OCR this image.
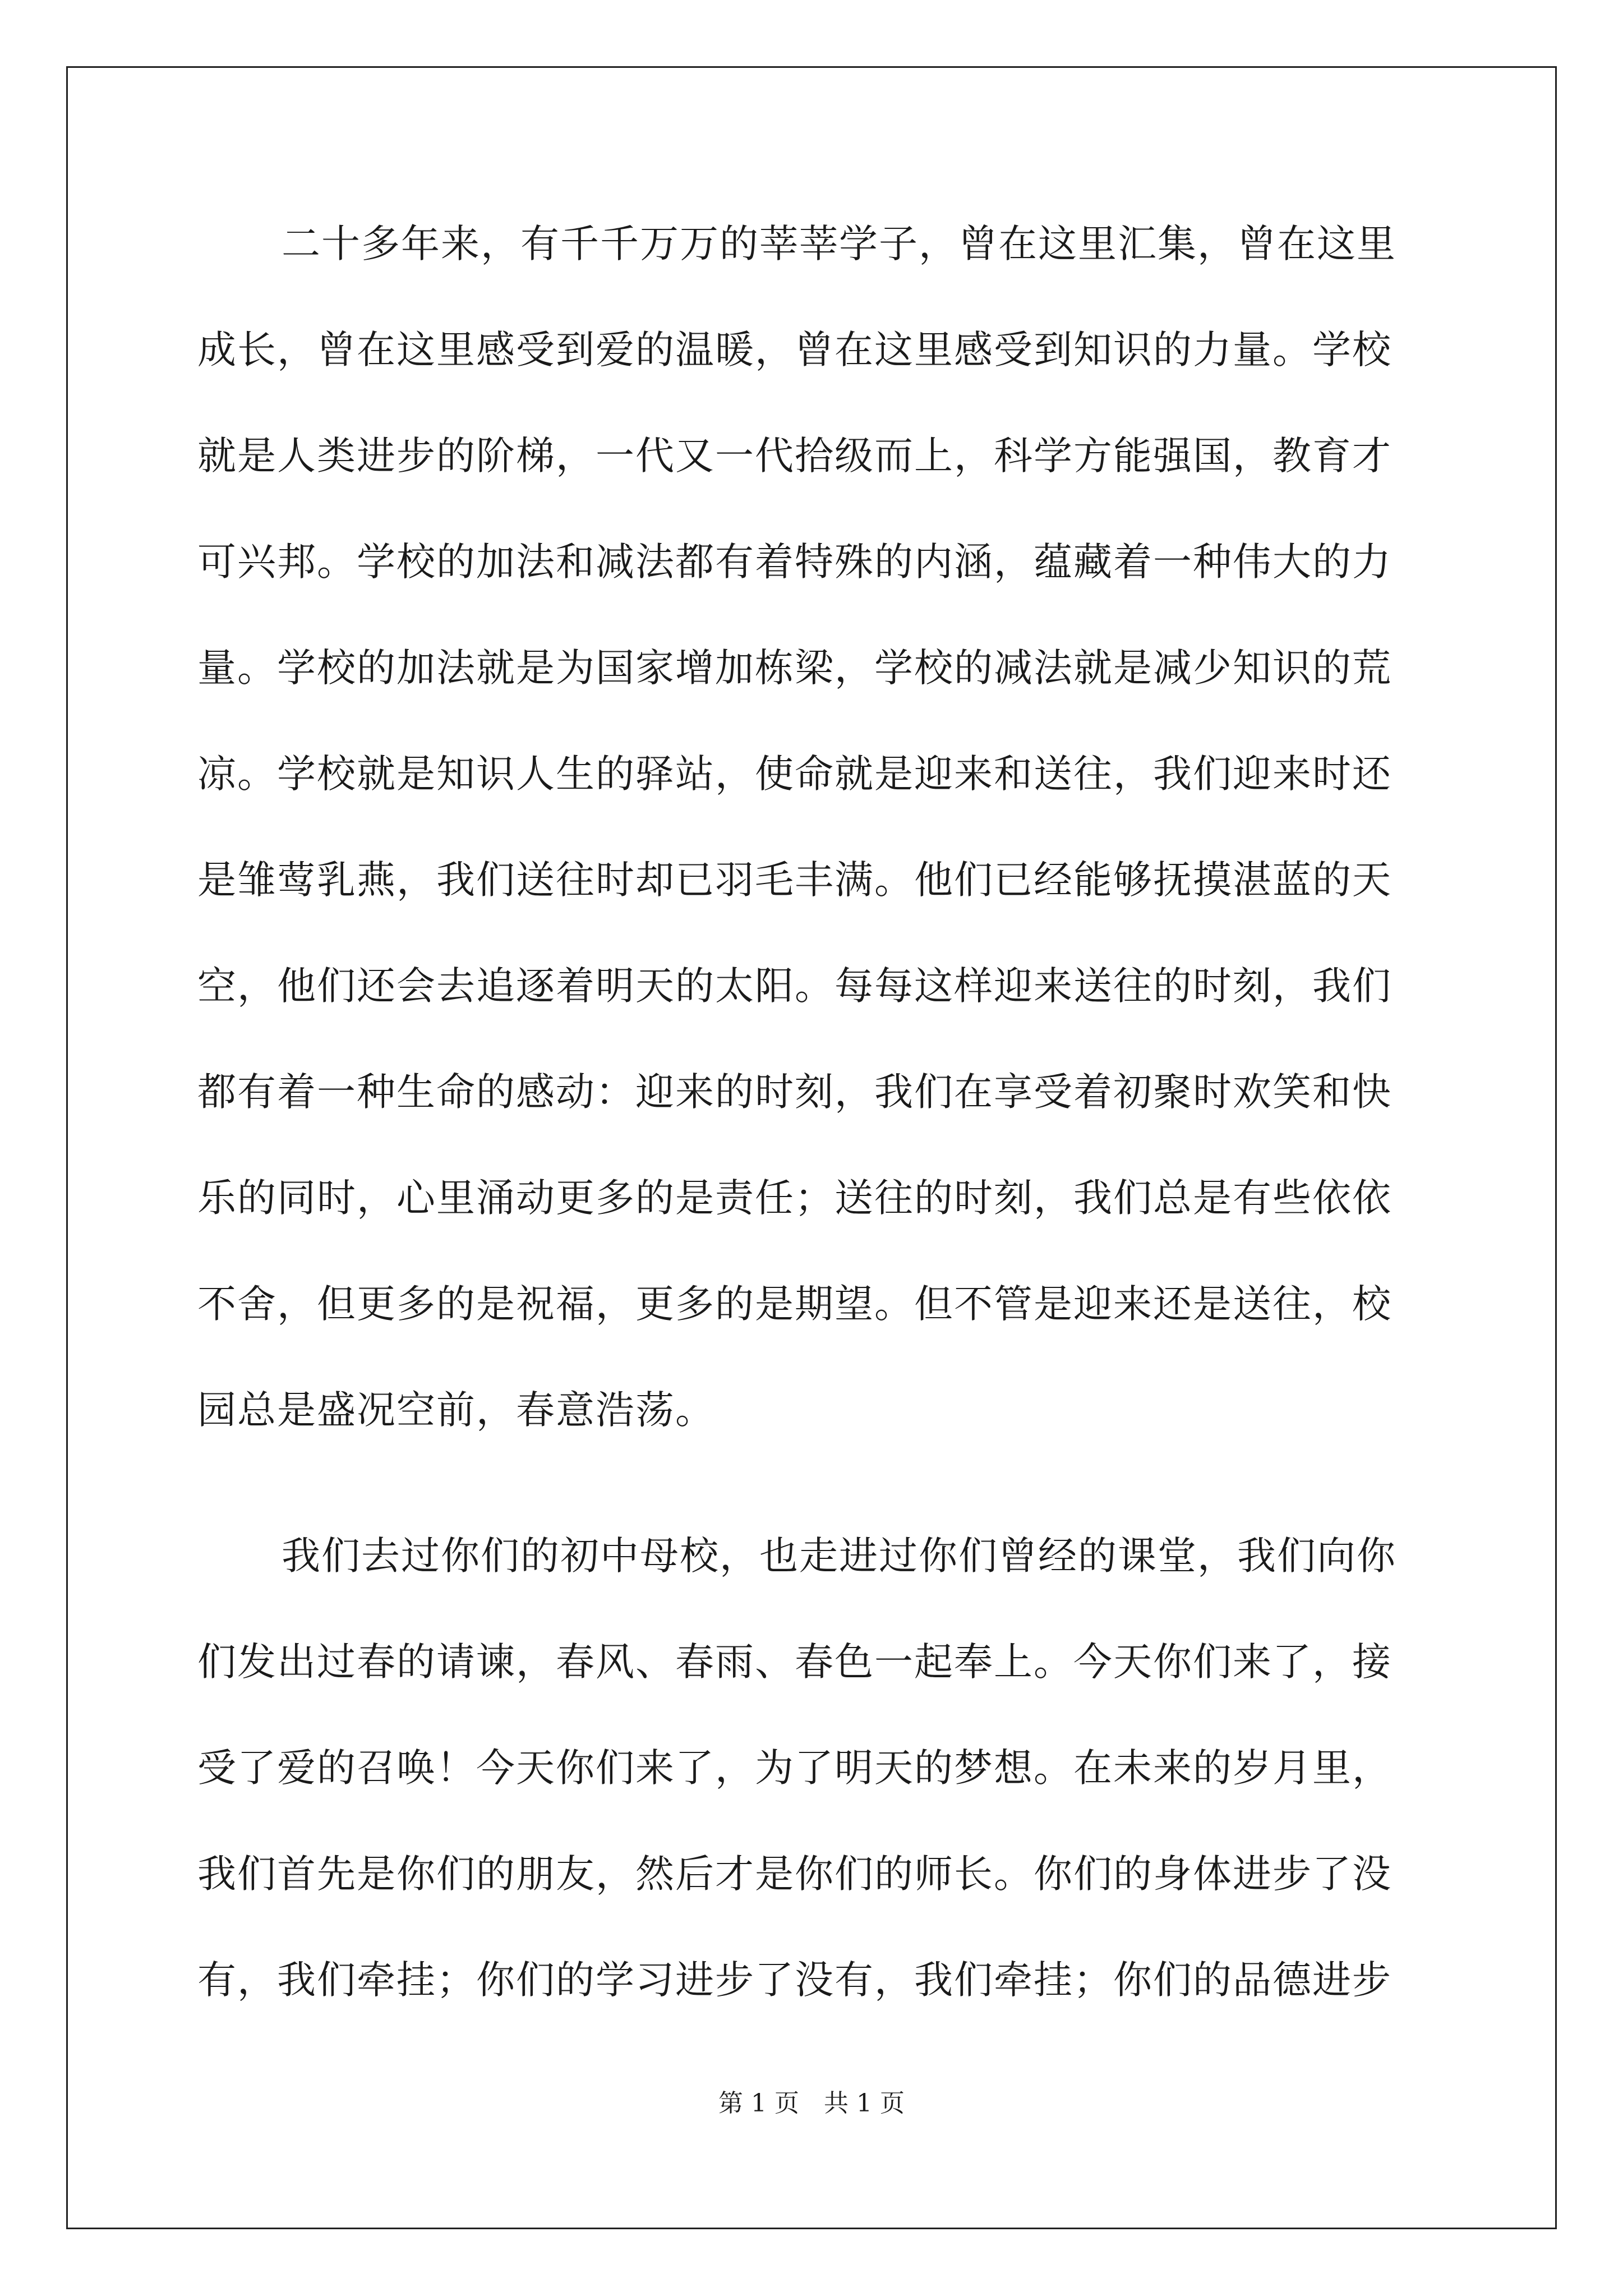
二十多年来，有千千万万的莘莘学子，曾在这里汇集，曾在这里
成长，曾在这里感受到爱的温暖，曾在这里感受到知识的力量。学校
就是人类进步的阶梯，一代又一代拾级而上，科学方能强国，教育才
可兴邦。学校的加法和减法都有着特殊的内涵，蕴藏着一种伟大的力
量。学校的加法就是为国家增加栋梁，学校的减法就是减少知识的荒
凉。学校就是知识人生的驿站，使命就是迎来和送往，我们迎来时还
是雏莺乳燕，我们送往时却已羽毛丰满。他们已经能够抚摸湛蓝的天
空，他们还会去追逐着明天的太阳。每每这样迎来送往的时刻，我们
都有着一种生命的感动：迎来的时刻，我们在享受着初聚时欢笑和快
乐的同时，心里涌动更多的是责任；送往的时刻，我们总是有些依依
不舍，但更多的是祝福，更多的是期望。但不管是迎来还是送往，校
园总是盛况空前，春意浩荡。
我们去过你们的初中母校，也走进过你们曾经的课堂，我们向你
们发出过春的请谏，春风、春雨、春色一起奉上。今天你们来了，接
受了爱的召唤！今天你们来了，为了明天的梦想。在未来的岁月里，
我们首先是你们的朋友，然后才是你们的师长。你们的身体进步了没
有，我们牵挂；你们的学习进步了没有，我们牵挂；你们的品德进步
第 1 页　共 1 页
